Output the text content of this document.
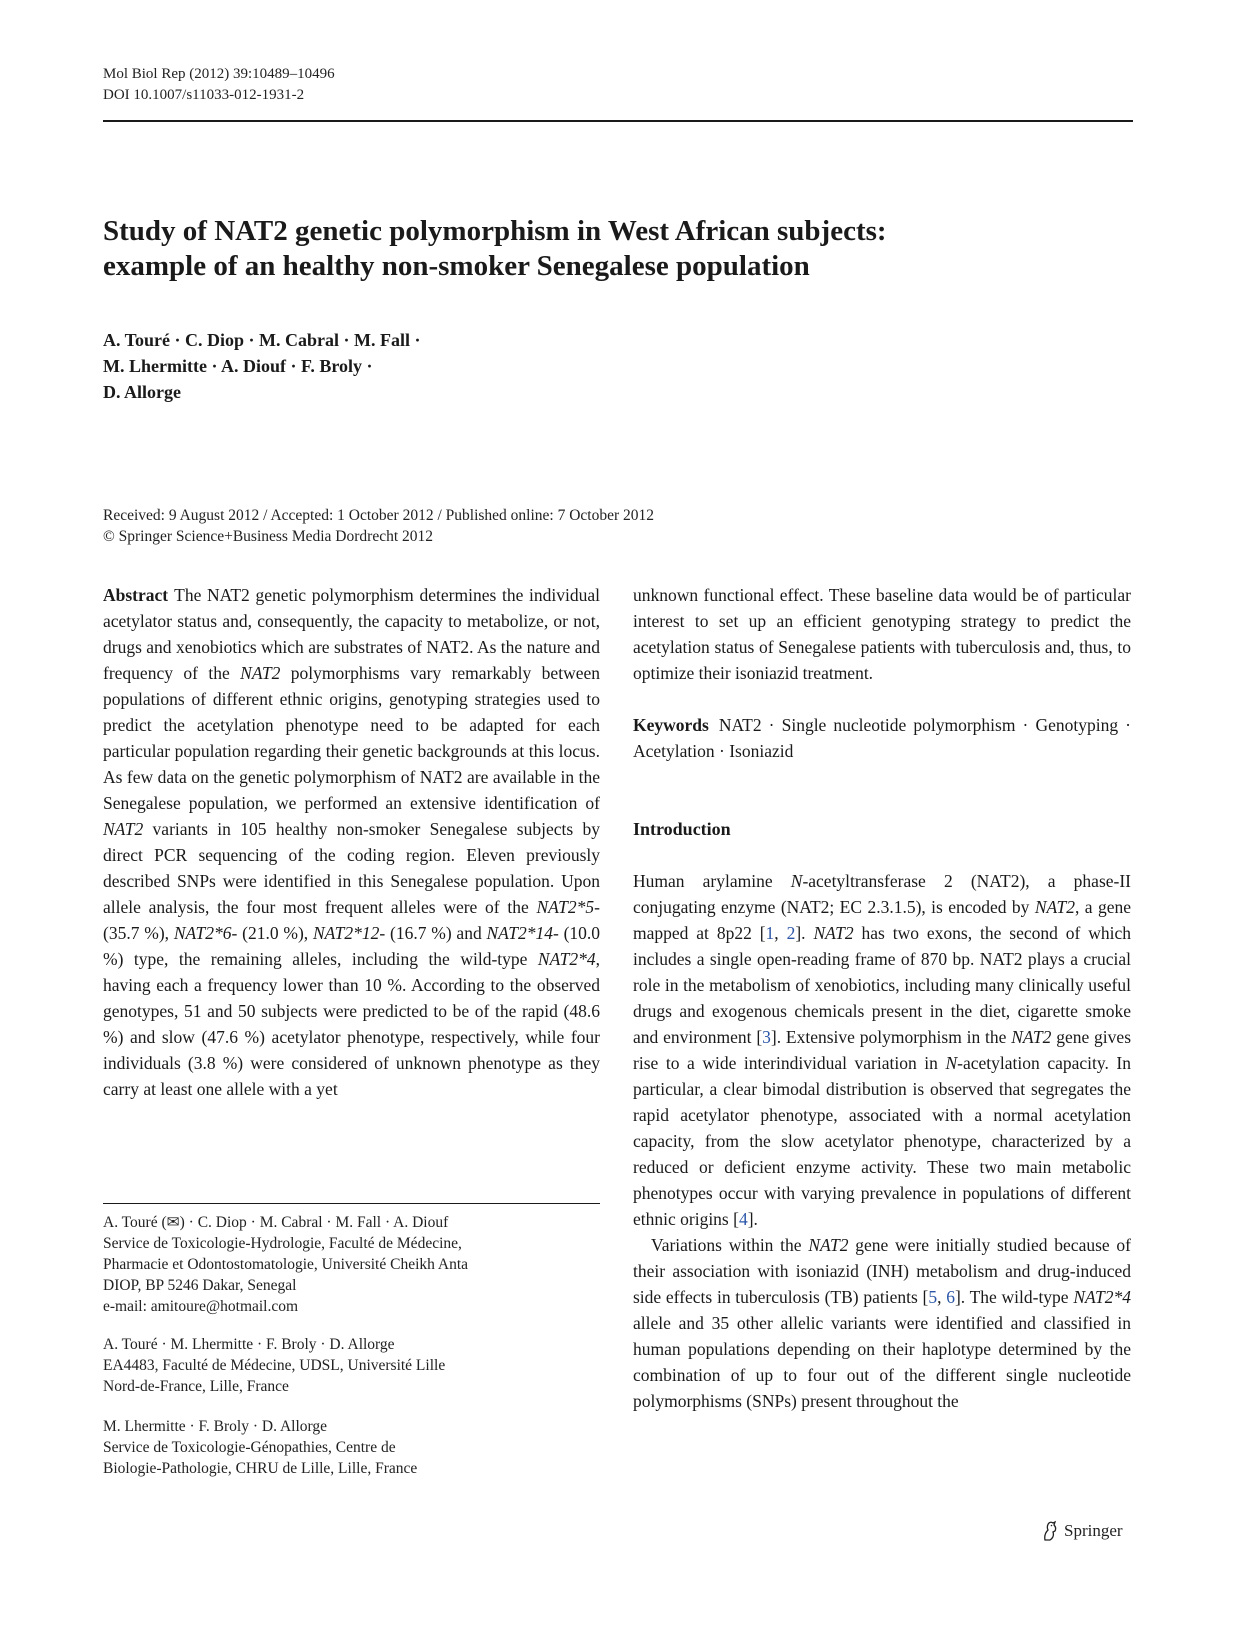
Mol Biol Rep (2012) 39:10489–10496
DOI 10.1007/s11033-012-1931-2
Study of NAT2 genetic polymorphism in West African subjects:
example of an healthy non-smoker Senegalese population
A. Touré · C. Diop · M. Cabral · M. Fall ·
M. Lhermitte · A. Diouf · F. Broly ·
D. Allorge
Received: 9 August 2012 / Accepted: 1 October 2012 / Published online: 7 October 2012
© Springer Science+Business Media Dordrecht 2012

Abstract The NAT2 genetic polymorphism determines the individual acetylator status and, consequently, the capacity to metabolize, or not, drugs and xenobiotics which are substrates of NAT2. As the nature and frequency of the NAT2 polymorphisms vary remarkably between populations of different ethnic origins, genotyping strategies used to predict the acetylation phenotype need to be adapted for each particular population regarding their genetic backgrounds at this locus. As few data on the genetic polymorphism of NAT2 are available in the Senegalese population, we performed an extensive identification of NAT2 variants in 105 healthy non-smoker Senegalese subjects by direct PCR sequencing of the coding region. Eleven previously described SNPs were identified in this Senegalese population. Upon allele analysis, the four most frequent alleles were of the NAT2*5- (35.7 %), NAT2*6- (21.0 %), NAT2*12- (16.7 %) and NAT2*14- (10.0 %) type, the remaining alleles, including the wild-type NAT2*4, having each a frequency lower than 10 %. According to the observed genotypes, 51 and 50 subjects were predicted to be of the rapid (48.6 %) and slow (47.6 %) acetylator phenotype, respectively, while four individuals (3.8 %) were considered of unknown phenotype as they carry at least one allele with a yet

A. Touré (✉) · C. Diop · M. Cabral · M. Fall · A. Diouf
Service de Toxicologie-Hydrologie, Faculté de Médecine,
Pharmacie et Odontostomatologie, Université Cheikh Anta
DIOP, BP 5246 Dakar, Senegal
e-mail: amitoure@hotmail.com
A. Touré · M. Lhermitte · F. Broly · D. Allorge
EA4483, Faculté de Médecine, UDSL, Université Lille
Nord-de-France, Lille, France
M. Lhermitte · F. Broly · D. Allorge
Service de Toxicologie-Génopathies, Centre de
Biologie-Pathologie, CHRU de Lille, Lille, France

unknown functional effect. These baseline data would be of particular interest to set up an efficient genotyping strategy to predict the acetylation status of Senegalese patients with tuberculosis and, thus, to optimize their isoniazid treatment.

Keywords NAT2 · Single nucleotide polymorphism · Genotyping · Acetylation · Isoniazid

Introduction

Human arylamine N-acetyltransferase 2 (NAT2), a phase-II conjugating enzyme (NAT2; EC 2.3.1.5), is encoded by NAT2, a gene mapped at 8p22 [1, 2]. NAT2 has two exons, the second of which includes a single open-reading frame of 870 bp. NAT2 plays a crucial role in the metabolism of xenobiotics, including many clinically useful drugs and exogenous chemicals present in the diet, cigarette smoke and environment [3]. Extensive polymorphism in the NAT2 gene gives rise to a wide interindividual variation in N-acetylation capacity. In particular, a clear bimodal distribution is observed that segregates the rapid acetylator phenotype, associated with a normal acetylation capacity, from the slow acetylator phenotype, characterized by a reduced or deficient enzyme activity. These two main metabolic phenotypes occur with varying prevalence in populations of different ethnic origins [4].

Variations within the NAT2 gene were initially studied because of their association with isoniazid (INH) metabolism and drug-induced side effects in tuberculosis (TB) patients [5, 6]. The wild-type NAT2*4 allele and 35 other allelic variants were identified and classified in human populations depending on their haplotype determined by the combination of up to four out of the different single nucleotide polymorphisms (SNPs) present throughout the

Springer
